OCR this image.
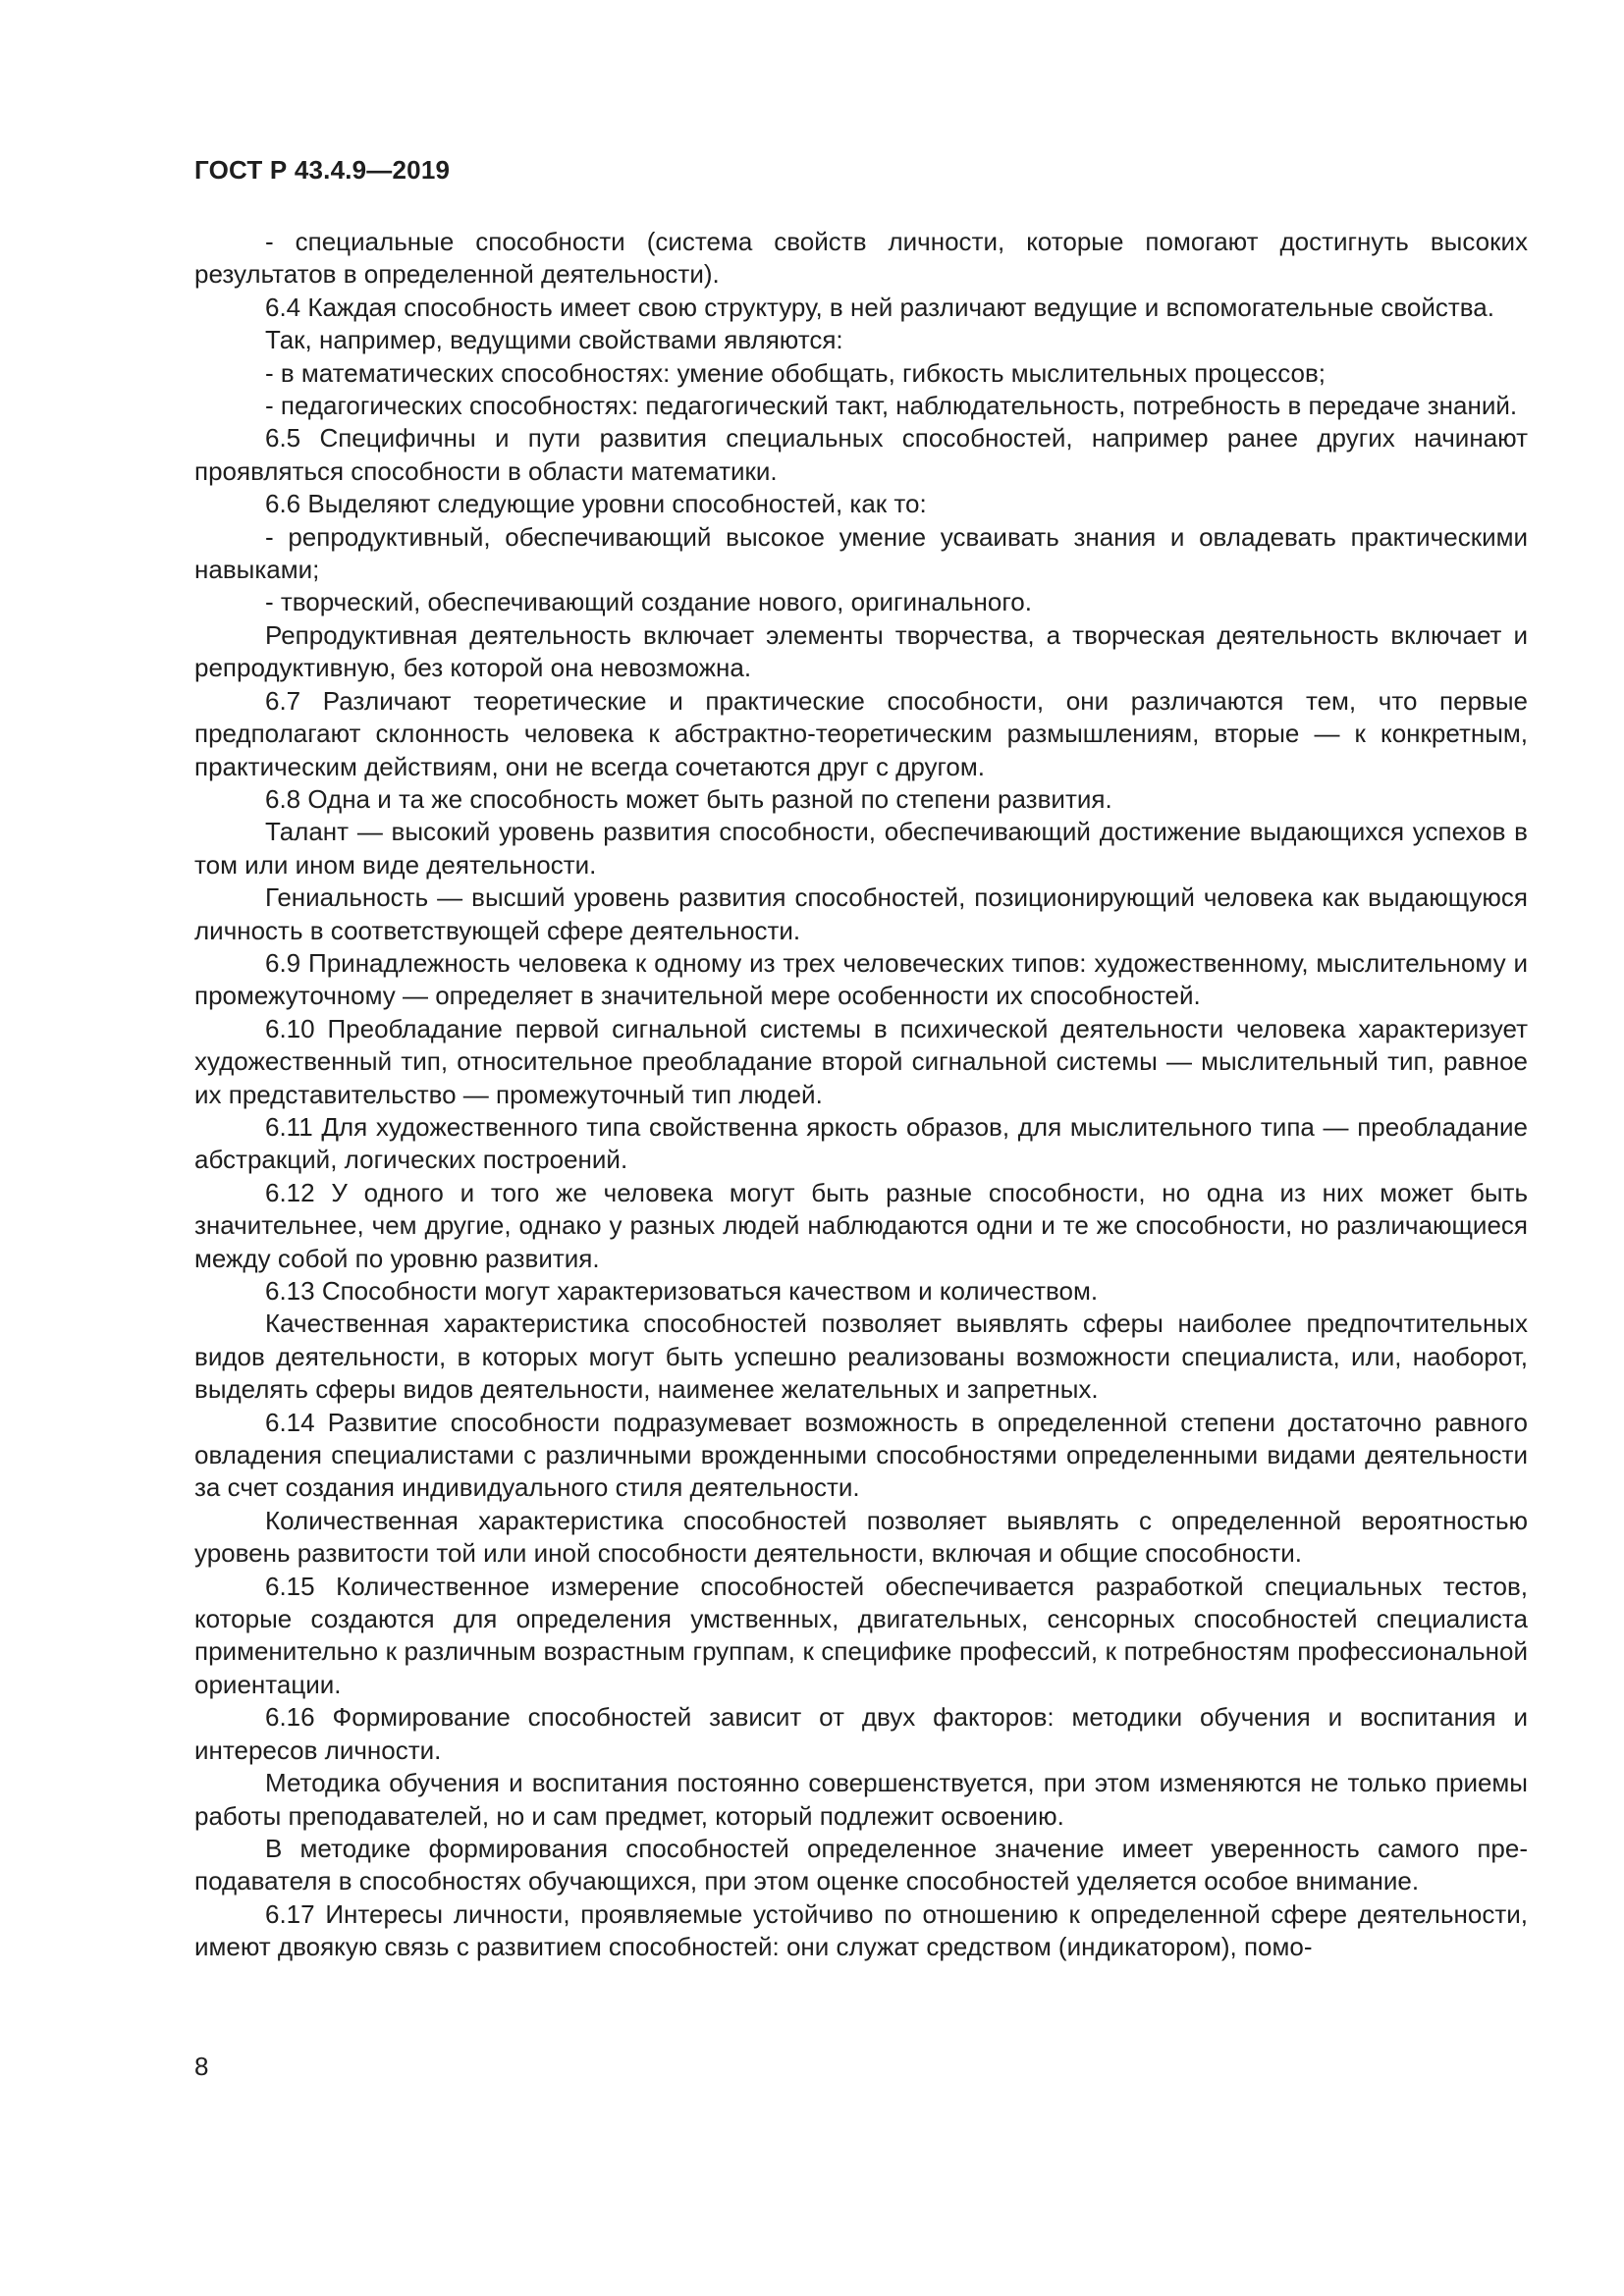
ГОСТ Р 43.4.9—2019

- специальные способности (система свойств личности, которые помогают достигнуть высоких результатов в определенной деятельности).

6.4 Каждая способность имеет свою структуру, в ней различают ведущие и вспомогательные свойства.

Так, например, ведущими свойствами являются:

- в математических способностях: умение обобщать, гибкость мыслительных процессов;

- педагогических способностях: педагогический такт, наблюдательность, потребность в передаче знаний.

6.5 Специфичны и пути развития специальных способностей, например ранее других начинают проявляться способности в области математики.

6.6 Выделяют следующие уровни способностей, как то:

- репродуктивный, обеспечивающий высокое умение усваивать знания и овладевать практическими навыками;

- творческий, обеспечивающий создание нового, оригинального.

Репродуктивная деятельность включает элементы творчества, а творческая деятельность включает и репродуктивную, без которой она невозможна.

6.7 Различают теоретические и практические способности, они различаются тем, что первые предполагают склонность человека к абстрактно-теоретическим размышлениям, вторые — к конкретным, практическим действиям, они не всегда сочетаются друг с другом.

6.8 Одна и та же способность может быть разной по степени развития.

Талант — высокий уровень развития способности, обеспечивающий достижение выдающихся успехов в том или ином виде деятельности.

Гениальность — высший уровень развития способностей, позиционирующий человека как выдающуюся личность в соответствующей сфере деятельности.

6.9 Принадлежность человека к одному из трех человеческих типов: художественному, мыслительному и промежуточному — определяет в значительной мере особенности их способностей.

6.10 Преобладание первой сигнальной системы в психической деятельности человека характеризует художественный тип, относительное преобладание второй сигнальной системы — мыслительный тип, равное их представительство — промежуточный тип людей.

6.11 Для художественного типа свойственна яркость образов, для мыслительного типа — преобладание абстракций, логических построений.

6.12 У одного и того же человека могут быть разные способности, но одна из них может быть значительнее, чем другие, однако у разных людей наблюдаются одни и те же способности, но различающиеся между собой по уровню развития.

6.13 Способности могут характеризоваться качеством и количеством.

Качественная характеристика способностей позволяет выявлять сферы наиболее предпочтительных видов деятельности, в которых могут быть успешно реализованы возможности специалиста, или, наоборот, выделять сферы видов деятельности, наименее желательных и запретных.

6.14 Развитие способности подразумевает возможность в определенной степени достаточно равного овладения специалистами с различными врожденными способностями определенными видами деятельности за счет создания индивидуального стиля деятельности.

Количественная характеристика способностей позволяет выявлять с определенной вероятностью уровень развитости той или иной способности деятельности, включая и общие способности.

6.15 Количественное измерение способностей обеспечивается разработкой специальных тестов, которые создаются для определения умственных, двигательных, сенсорных способностей специалиста применительно к различным возрастным группам, к специфике профессий, к потребностям профессиональной ориентации.

6.16 Формирование способностей зависит от двух факторов: методики обучения и воспитания и интересов личности.

Методика обучения и воспитания постоянно совершенствуется, при этом изменяются не только приемы работы преподавателей, но и сам предмет, который подлежит освоению.

В методике формирования способностей определенное значение имеет уверенность самого преподавателя в способностях обучающихся, при этом оценке способностей уделяется особое внимание.

6.17 Интересы личности, проявляемые устойчиво по отношению к определенной сфере деятельности, имеют двоякую связь с развитием способностей: они служат средством (индикатором), помо-

8
